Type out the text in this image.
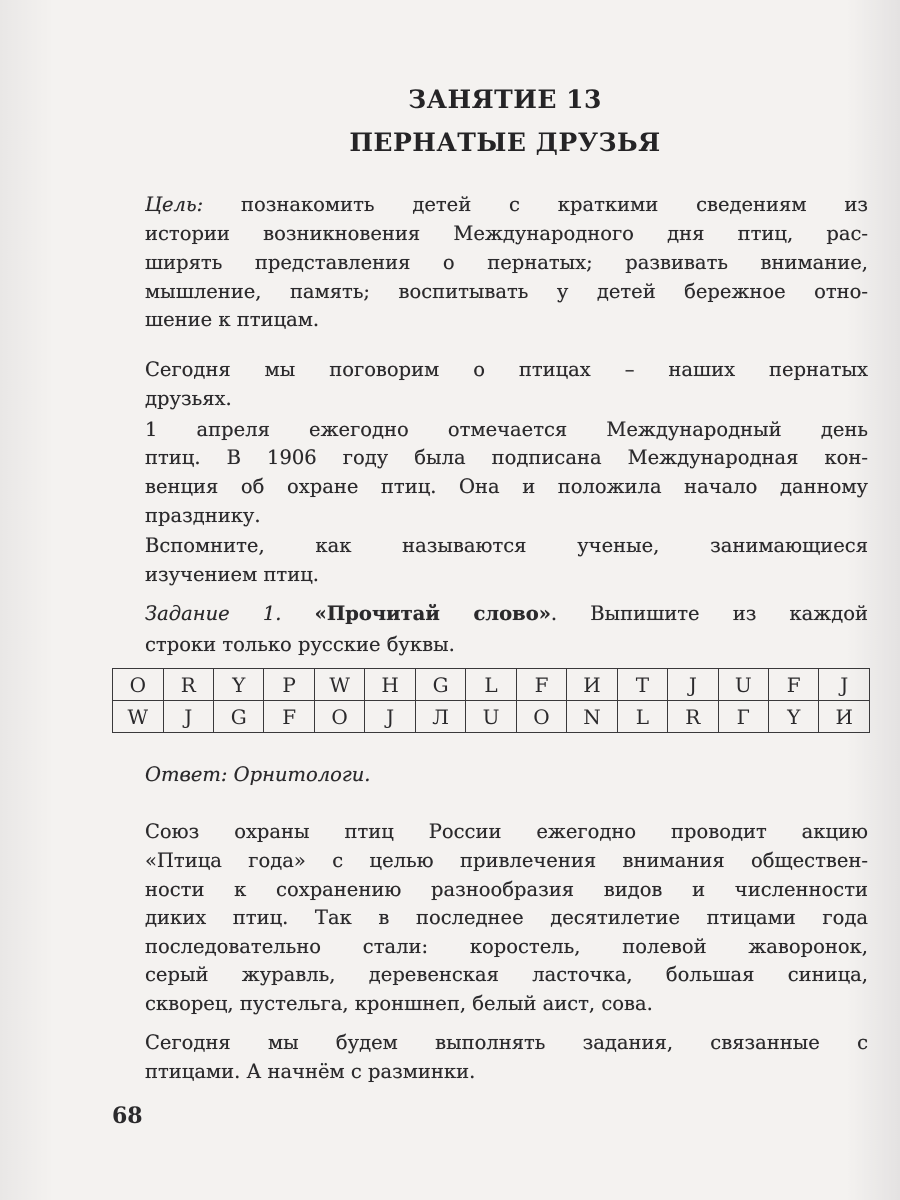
ЗАНЯТИЕ 13
ПЕРНАТЫЕ ДРУЗЬЯ
Цель: познакомить детей с краткими сведениям из
истории возникновения Международного дня птиц, рас-
ширять представления о пернатых; развивать внимание,
мышление, память; воспитывать у детей бережное отно-
шение к птицам.
Сегодня мы поговорим о птицах – наших пернатых
друзьях.
1 апреля ежегодно отмечается Международный день
птиц. В 1906 году была подписана Международная кон-
венция об охране птиц. Она и положила начало данному
празднику.
Вспомните, как называются ученые, занимающиеся
изучением птиц.
Задание 1. «Прочитай слово». Выпишите из каждой
строки только русские буквы.
Ответ: Орнитологи.
Союз охраны птиц России ежегодно проводит акцию
«Птица года» с целью привлечения внимания обществен-
ности к сохранению разнообразия видов и численности
диких птиц. Так в последнее десятилетие птицами года
последовательно стали: коростель, полевой жаворонок,
серый журавль, деревенская ласточка, большая синица,
скворец, пустельга, кроншнеп, белый аист, сова.
Сегодня мы будем выполнять задания, связанные с
птицами. А начнём с разминки.
O	R	Y	P	W	H	G	L	F	И	T	J	U	F	J
W	J	G	F	O	J	Л	U	O	N	L	R	Г	Y	И
68
